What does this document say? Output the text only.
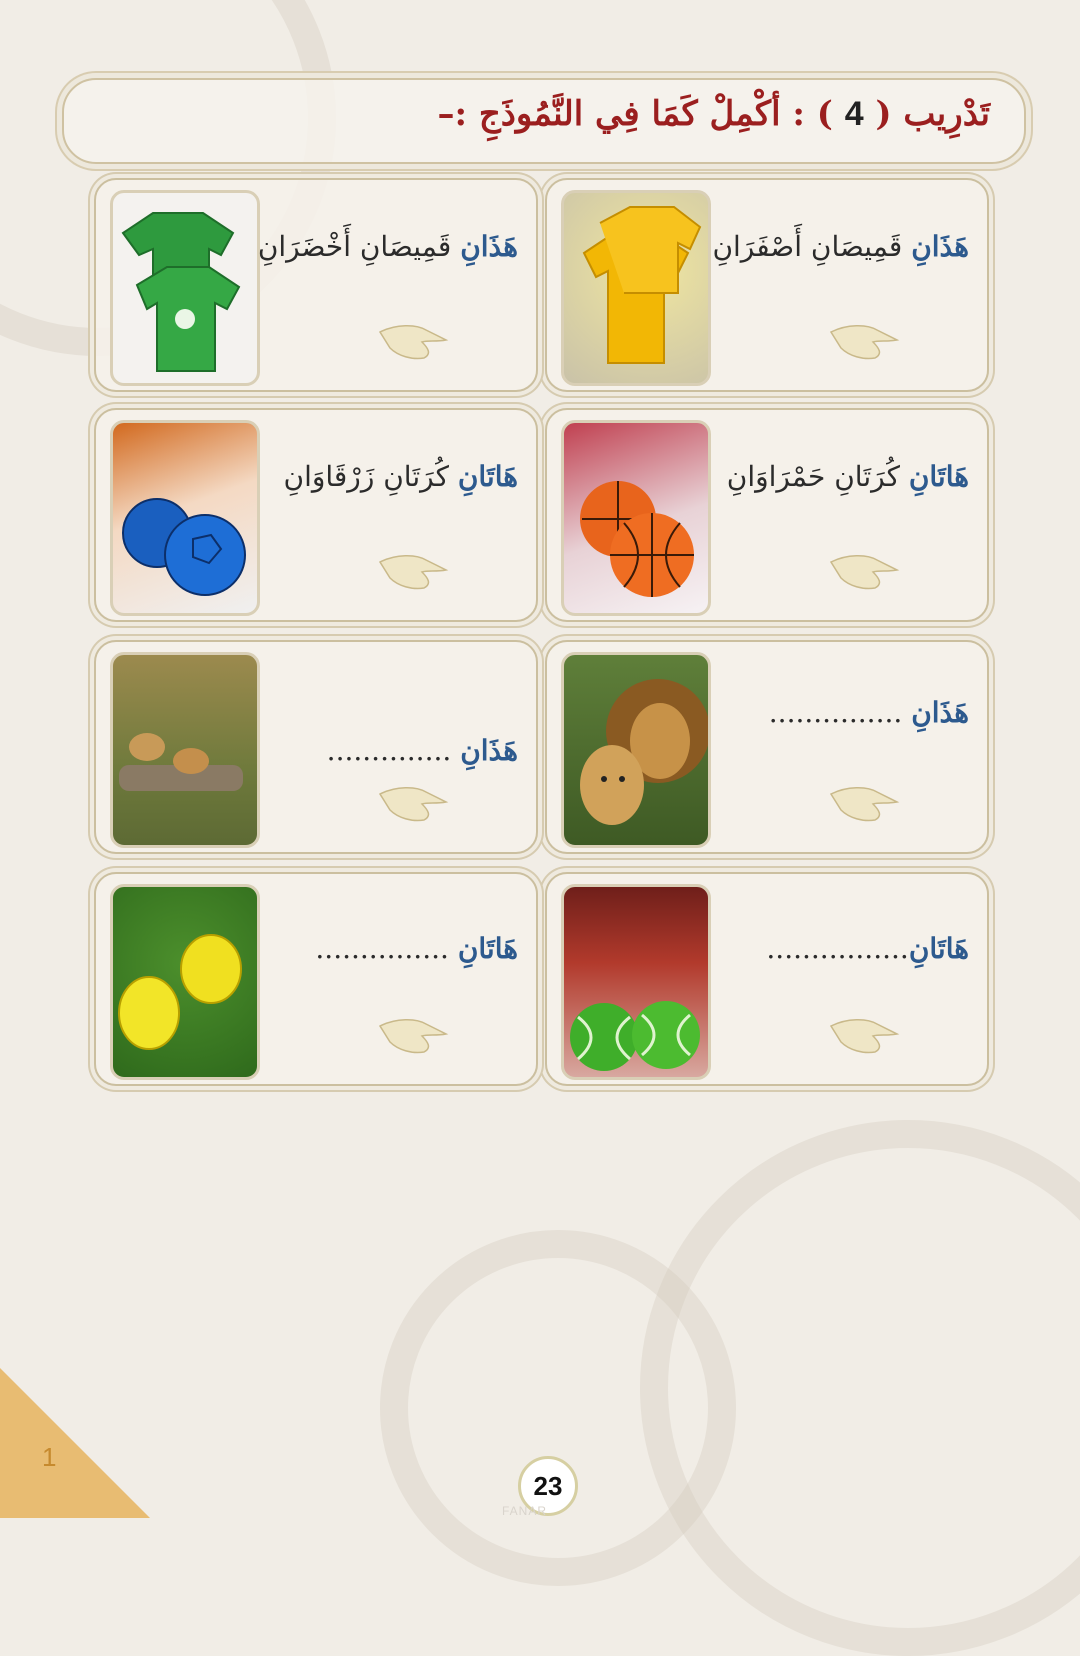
تَدْرِيب ( 4 ) : أكْمِلْ كَمَا فِي النَّمُوذَجِ :–
هَذَانِ قَمِيصَانِ أَصْفَرَانِ
هَذَانِ قَمِيصَانِ أَخْضَرَانِ
هَاتَانِ كُرَتَانِ حَمْرَاوَانِ
هَاتَانِ كُرَتَانِ زَرْقَاوَانِ
هَذَانِ ...............
هَذَانِ ..............
هَاتَانِ................
هَاتَانِ ...............
1
23
FANAR
